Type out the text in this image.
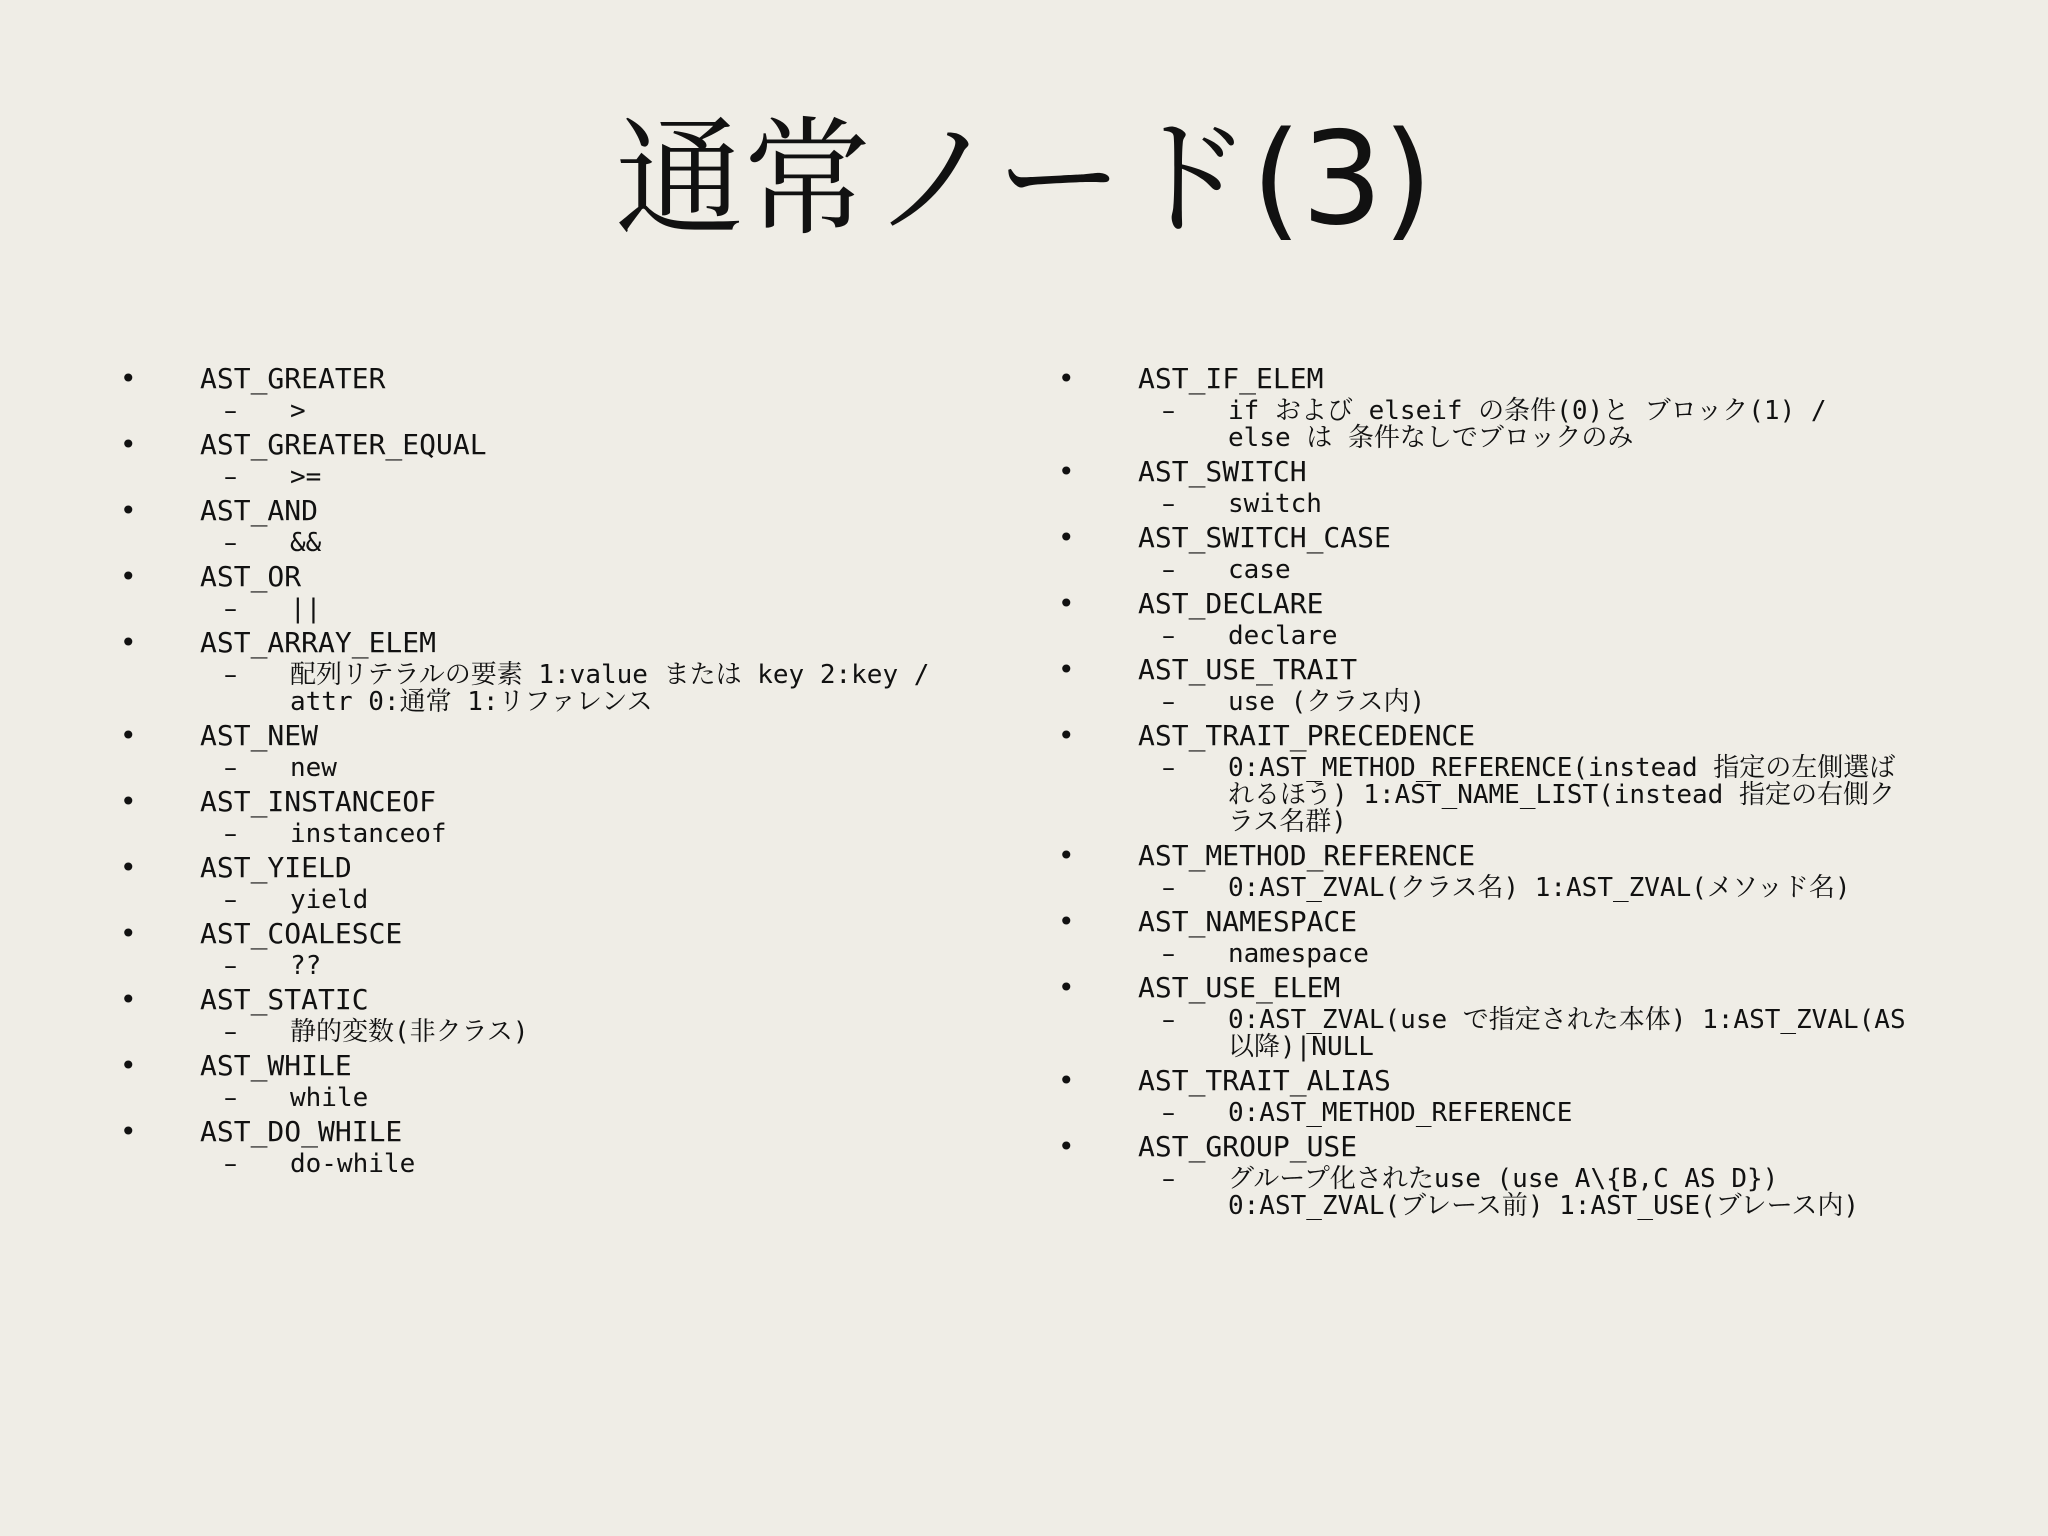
通常ノード(3)
• AST_GREATER
– >
• AST_GREATER_EQUAL
– >=
• AST_AND
– &&
• AST_OR
– ||
• AST_ARRAY_ELEM
– 配列リテラルの要素 1:value または key 2:key /
attr 0:通常 1:リファレンス
• AST_NEW
– new
• AST_INSTANCEOF
– instanceof
• AST_YIELD
– yield
• AST_COALESCE
– ??
• AST_STATIC
– 静的変数(非クラス)
• AST_WHILE
– while
• AST_DO_WHILE
– do-while
• AST_IF_ELEM
– if および elseif の条件(0)と ブロック(1) /
else は 条件なしでブロックのみ
• AST_SWITCH
– switch
• AST_SWITCH_CASE
– case
• AST_DECLARE
– declare
• AST_USE_TRAIT
– use (クラス内)
• AST_TRAIT_PRECEDENCE
– 0:AST_METHOD_REFERENCE(instead 指定の左側選ば
れるほう) 1:AST_NAME_LIST(instead 指定の右側ク
ラス名群)
• AST_METHOD_REFERENCE
– 0:AST_ZVAL(クラス名) 1:AST_ZVAL(メソッド名)
• AST_NAMESPACE
– namespace
• AST_USE_ELEM
– 0:AST_ZVAL(use で指定された本体) 1:AST_ZVAL(AS
以降)|NULL
• AST_TRAIT_ALIAS
– 0:AST_METHOD_REFERENCE
• AST_GROUP_USE
– グループ化されたuse (use A\{B,C AS D})
0:AST_ZVAL(ブレース前) 1:AST_USE(ブレース内)
